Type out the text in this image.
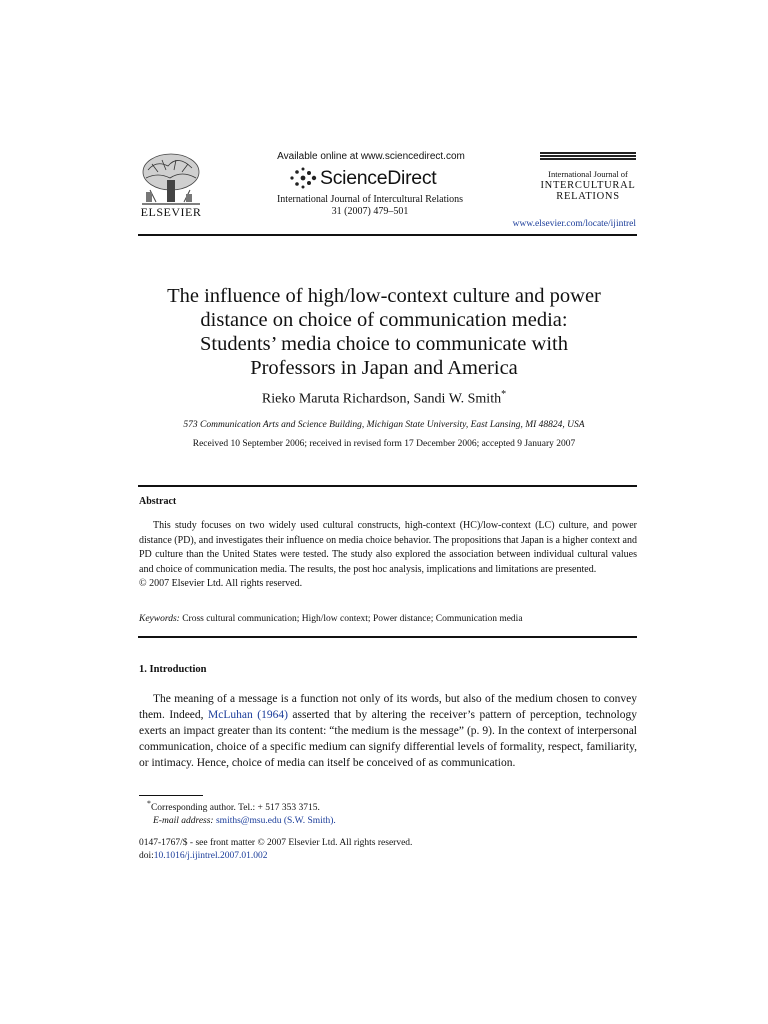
ELSEVIER
Available online at www.sciencedirect.com
ScienceDirect
International Journal of Intercultural Relations
31 (2007) 479–501
International Journal of
INTERCULTURAL
RELATIONS
www.elsevier.com/locate/ijintrel
The influence of high/low-context culture and power
distance on choice of communication media:
Students’ media choice to communicate with
Professors in Japan and America
Rieko Maruta Richardson, Sandi W. Smith*
573 Communication Arts and Science Building, Michigan State University, East Lansing, MI 48824, USA
Received 10 September 2006; received in revised form 17 December 2006; accepted 9 January 2007
Abstract
This study focuses on two widely used cultural constructs, high-context (HC)/low-context (LC) culture, and power distance (PD), and investigates their influence on media choice behavior. The propositions that Japan is a higher context and PD culture than the United States were tested. The study also explored the association between individual cultural values and choice of communication media. The results, the post hoc analysis, implications and limitations are presented.
© 2007 Elsevier Ltd. All rights reserved.
Keywords: Cross cultural communication; High/low context; Power distance; Communication media
1. Introduction
The meaning of a message is a function not only of its words, but also of the medium chosen to convey them. Indeed, McLuhan (1964) asserted that by altering the receiver’s pattern of perception, technology exerts an impact greater than its content: “the medium is the message” (p. 9). In the context of interpersonal communication, choice of a specific medium can signify differential levels of formality, respect, familiarity, or intimacy. Hence, choice of media can itself be conceived of as communication.
*Corresponding author. Tel.: + 517 353 3715.
E-mail address: smiths@msu.edu (S.W. Smith).
0147-1767/$ - see front matter © 2007 Elsevier Ltd. All rights reserved.
doi:10.1016/j.ijintrel.2007.01.002
